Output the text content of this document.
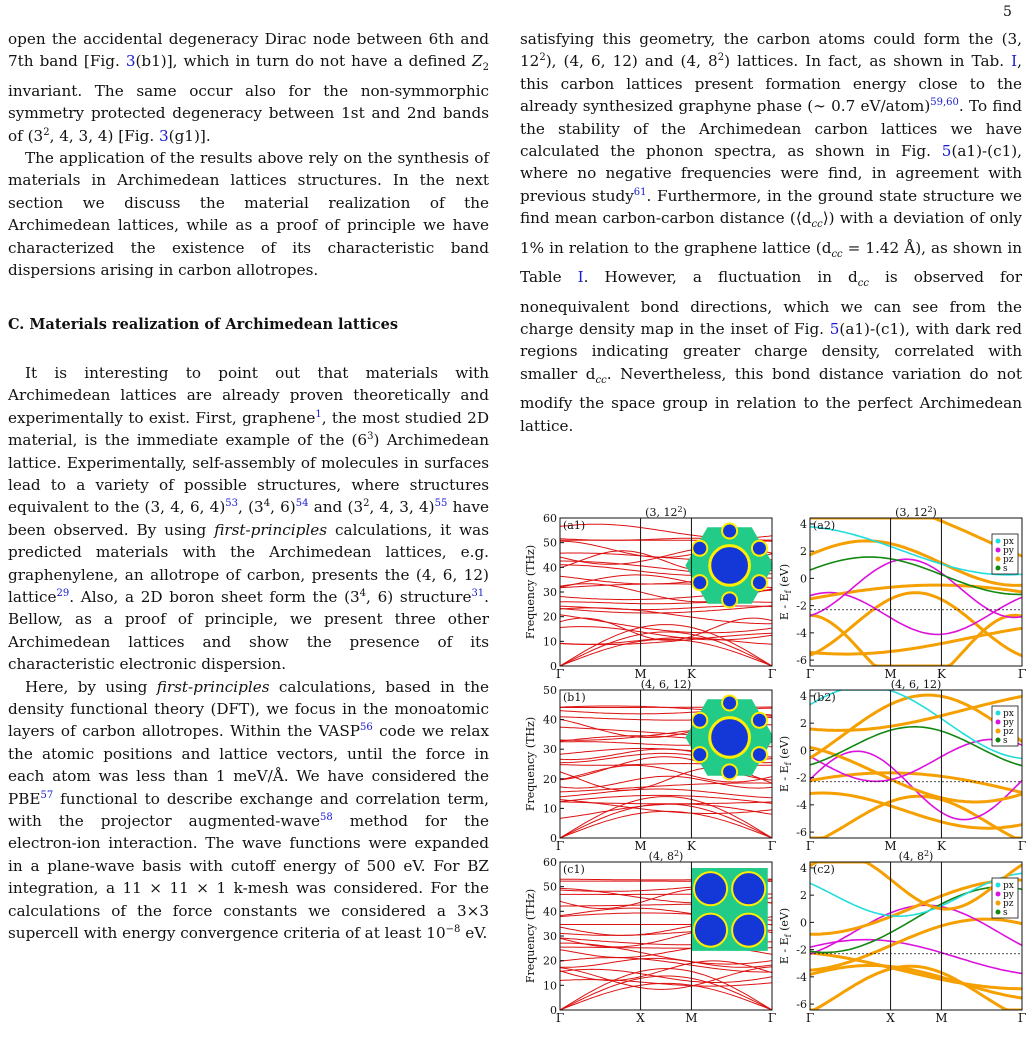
5

open the accidental degeneracy Dirac node between 6th and 7th band [Fig. 3(b1)], which in turn do not have a defined $Z_2$ invariant. The same occur also for the non-symmorphic symmetry protected degeneracy between 1st and 2nd bands of ($3^2$, 4, 3, 4) [Fig. 3(g1)].

The application of the results above rely on the synthesis of materials in Archimedean lattices structures. In the next section we discuss the material realization of the Archimedean lattices, while as a proof of principle we have characterized the existence of its characteristic band dispersions arising in carbon allotropes.

C. Materials realization of Archimedean lattices

It is interesting to point out that materials with Archimedean lattices are already proven theoretically and experimentally to exist. First, graphene$^1$, the most studied 2D material, is the immediate example of the $(6^3)$ Archimedean lattice. Experimentally, self-assembly of molecules in surfaces lead to a variety of possible structures, where structures equivalent to the (3, 4, 6, 4)$^{53}$, ($3^4$, 6)$^{54}$ and ($3^2$, 4, 3, 4)$^{55}$ have been observed. By using first-principles calculations, it was predicted materials with the Archimedean lattices, e.g. graphenylene, an allotrope of carbon, presents the (4, 6, 12) lattice$^{29}$. Also, a 2D boron sheet form the ($3^4$, 6) structure$^{31}$. Bellow, as a proof of principle, we present three other Archimedean lattices and show the presence of its characteristic electronic dispersion.

Here, by using first-principles calculations, based in the density functional theory (DFT), we focus in the monoatomic layers of carbon allotropes. Within the VASP$^{56}$ code we relax the atomic positions and lattice vectors, until the force in each atom was less than 1 meV/Å. We have considered the PBE$^{57}$ functional to describe exchange and correlation term, with the projector augmented-wave$^{58}$ method for the electron-ion interaction. The wave functions were expanded in a plane-wave basis with cutoff energy of 500 eV. For BZ integration, a 11 × 11 × 1 k-mesh was considered. For the calculations of the force constants we considered a 3×3 supercell with energy convergence criteria of at least $10^{-8}$ eV.

satisfying this geometry, the carbon atoms could form the (3, $12^2$), (4, 6, 12) and (4, $8^2$) lattices. In fact, as shown in Tab. I, this carbon lattices present formation energy close to the already synthesized graphyne phase (∼ 0.7 eV/atom)$^{59,60}$. To find the stability of the Archimedean carbon lattices we have calculated the phonon spectra, as shown in Fig. 5(a1)-(c1), where no negative frequencies were find, in agreement with previous study$^{61}$. Furthermore, in the ground state structure we find mean carbon-carbon distance $(⟨d_{cc}⟩)$ with a deviation of only 1% in relation to the graphene lattice ($d_{cc} = 1.42$ Å), as shown in Table I. However, a fluctuation in $d_{cc}$ is observed for nonequivalent bond directions, which we can see from the charge density map in the inset of Fig. 5(a1)-(c1), with dark red regions indicating greater charge density, correlated with smaller $d_{cc}$. Nevertheless, this bond distance variation do not modify the space group in relation to the perfect Archimedean lattice.

(a1)
(3, $12^2$)
Γ	M	K	Γ
0
10
20
30
40
50
60
Frequency (THz)
px
py
pz
s
(a2)
(3, $12^2$)
Γ	M	K	Γ
-6
-4
-2
0
2
4
E - $E_f$ (eV)
(b1)
(4, 6, 12)
Γ	M	K	Γ
0
10
20
30
40
50
Frequency (THz)
px
py
pz
s
(b2)
(4, 6, 12)
Γ	M	K	Γ
-6
-4
-2
0
2
4
E - $E_f$ (eV)
(c1)
(4, $8^2$)
Γ	X	M	Γ
0
10
20
30
40
50
60
Frequency (THz)
px
py
pz
s
(c2)
(4, $8^2$)
Γ	X	M	Γ
-6
-4
-2
0
2
4
E - $E_f$ (eV)
